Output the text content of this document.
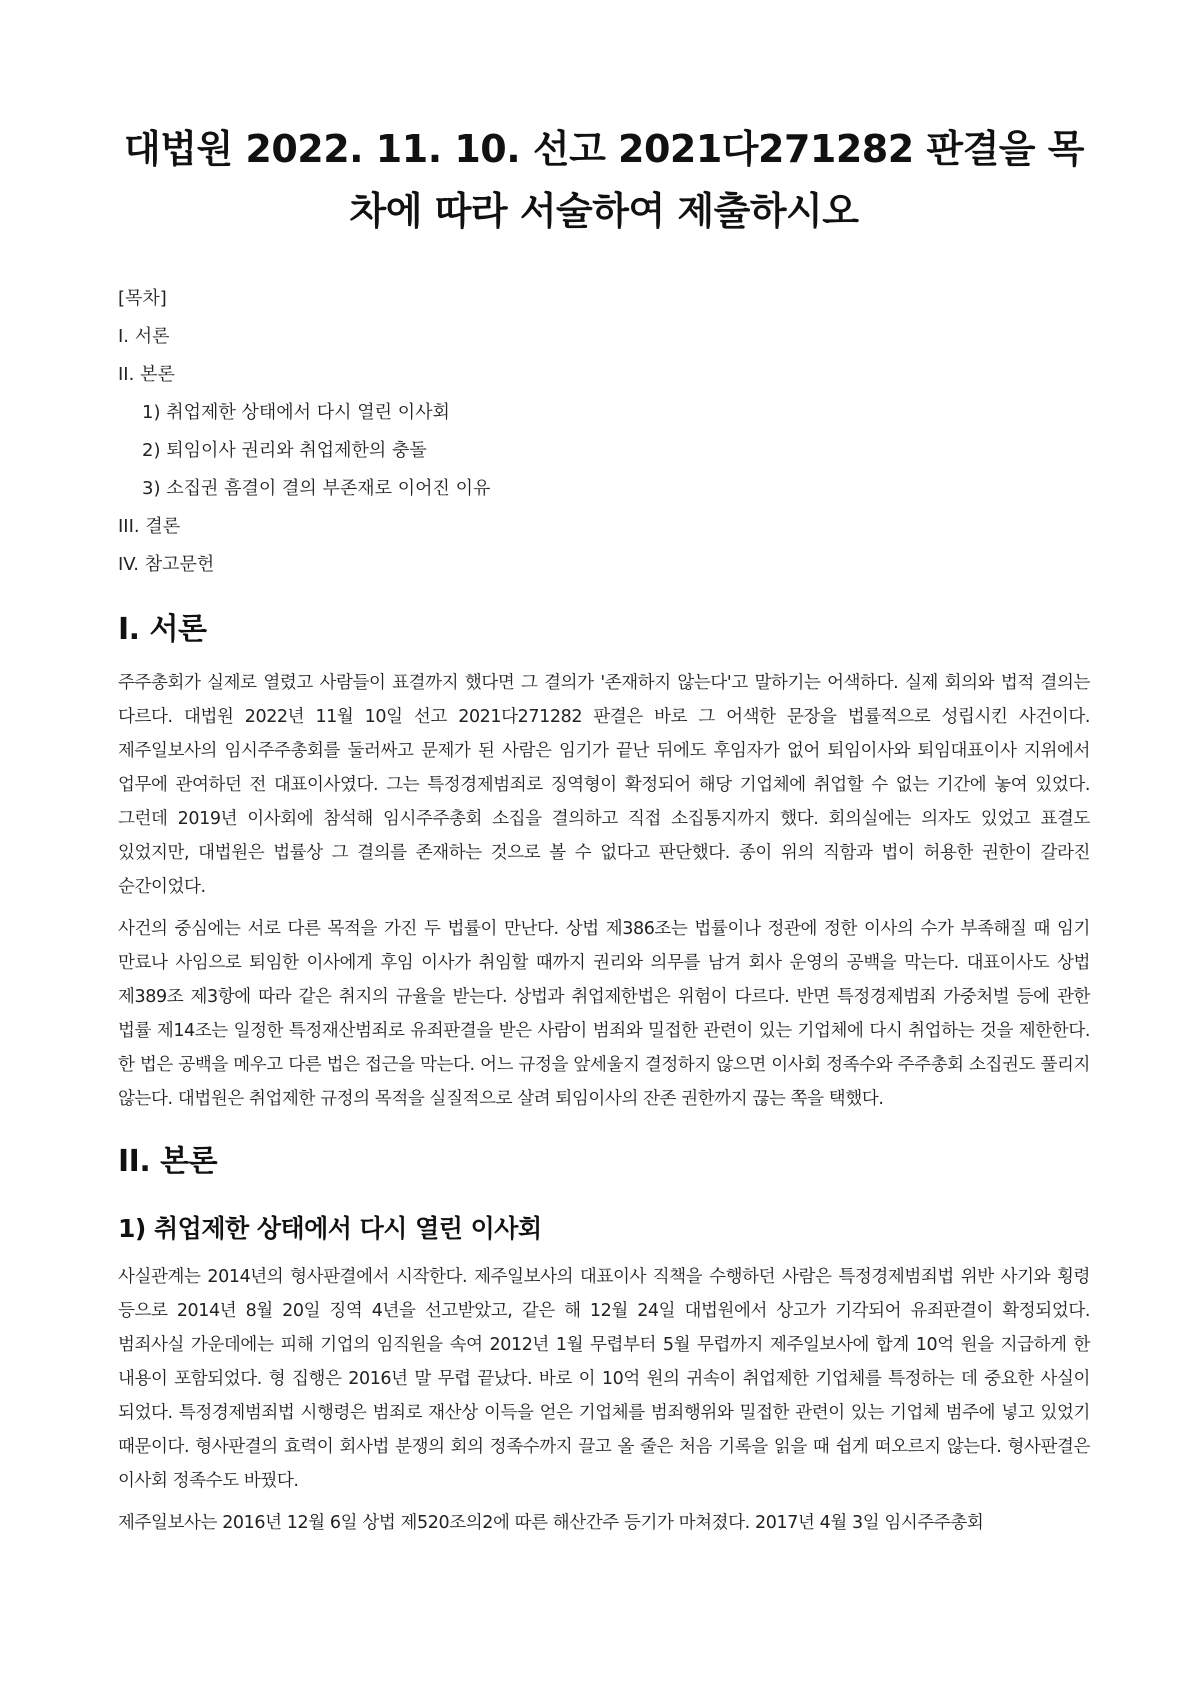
대법원 2022. 11. 10. 선고 2021다271282 판결을 목차에 따라 서술하여 제출하시오
[목차]
I. 서론
II. 본론
1) 취업제한 상태에서 다시 열린 이사회
2) 퇴임이사 권리와 취업제한의 충돌
3) 소집권 흠결이 결의 부존재로 이어진 이유
III. 결론
IV. 참고문헌
I. 서론

주주총회가 실제로 열렸고 사람들이 표결까지 했다면 그 결의가 '존재하지 않는다'고 말하기는 어색하다. 실제 회의와 법적 결의는 다르다. 대법원 2022년 11월 10일 선고 2021다271282 판결은 바로 그 어색한 문장을 법률적으로 성립시킨 사건이다. 제주일보사의 임시주주총회를 둘러싸고 문제가 된 사람은 임기가 끝난 뒤에도 후임자가 없어 퇴임이사와 퇴임대표이사 지위에서 업무에 관여하던 전 대표이사였다. 그는 특정경제범죄로 징역형이 확정되어 해당 기업체에 취업할 수 없는 기간에 놓여 있었다. 그런데 2019년 이사회에 참석해 임시주주총회 소집을 결의하고 직접 소집통지까지 했다. 회의실에는 의자도 있었고 표결도 있었지만, 대법원은 법률상 그 결의를 존재하는 것으로 볼 수 없다고 판단했다. 종이 위의 직함과 법이 허용한 권한이 갈라진 순간이었다.

사건의 중심에는 서로 다른 목적을 가진 두 법률이 만난다. 상법 제386조는 법률이나 정관에 정한 이사의 수가 부족해질 때 임기 만료나 사임으로 퇴임한 이사에게 후임 이사가 취임할 때까지 권리와 의무를 남겨 회사 운영의 공백을 막는다. 대표이사도 상법 제389조 제3항에 따라 같은 취지의 규율을 받는다. 상법과 취업제한법은 위험이 다르다. 반면 특정경제범죄 가중처벌 등에 관한 법률 제14조는 일정한 특정재산범죄로 유죄판결을 받은 사람이 범죄와 밀접한 관련이 있는 기업체에 다시 취업하는 것을 제한한다. 한 법은 공백을 메우고 다른 법은 접근을 막는다. 어느 규정을 앞세울지 결정하지 않으면 이사회 정족수와 주주총회 소집권도 풀리지 않는다. 대법원은 취업제한 규정의 목적을 실질적으로 살려 퇴임이사의 잔존 권한까지 끊는 쪽을 택했다.

II. 본론
1) 취업제한 상태에서 다시 열린 이사회

사실관계는 2014년의 형사판결에서 시작한다. 제주일보사의 대표이사 직책을 수행하던 사람은 특정경제범죄법 위반 사기와 횡령 등으로 2014년 8월 20일 징역 4년을 선고받았고, 같은 해 12월 24일 대법원에서 상고가 기각되어 유죄판결이 확정되었다. 범죄사실 가운데에는 피해 기업의 임직원을 속여 2012년 1월 무렵부터 5월 무렵까지 제주일보사에 합계 10억 원을 지급하게 한 내용이 포함되었다. 형 집행은 2016년 말 무렵 끝났다. 바로 이 10억 원의 귀속이 취업제한 기업체를 특정하는 데 중요한 사실이 되었다. 특정경제범죄법 시행령은 범죄로 재산상 이득을 얻은 기업체를 범죄행위와 밀접한 관련이 있는 기업체 범주에 넣고 있었기 때문이다. 형사판결의 효력이 회사법 분쟁의 회의 정족수까지 끌고 올 줄은 처음 기록을 읽을 때 쉽게 떠오르지 않는다. 형사판결은 이사회 정족수도 바꿨다.

제주일보사는 2016년 12월 6일 상법 제520조의2에 따른 해산간주 등기가 마쳐졌다. 2017년 4월 3일 임시주주총회
